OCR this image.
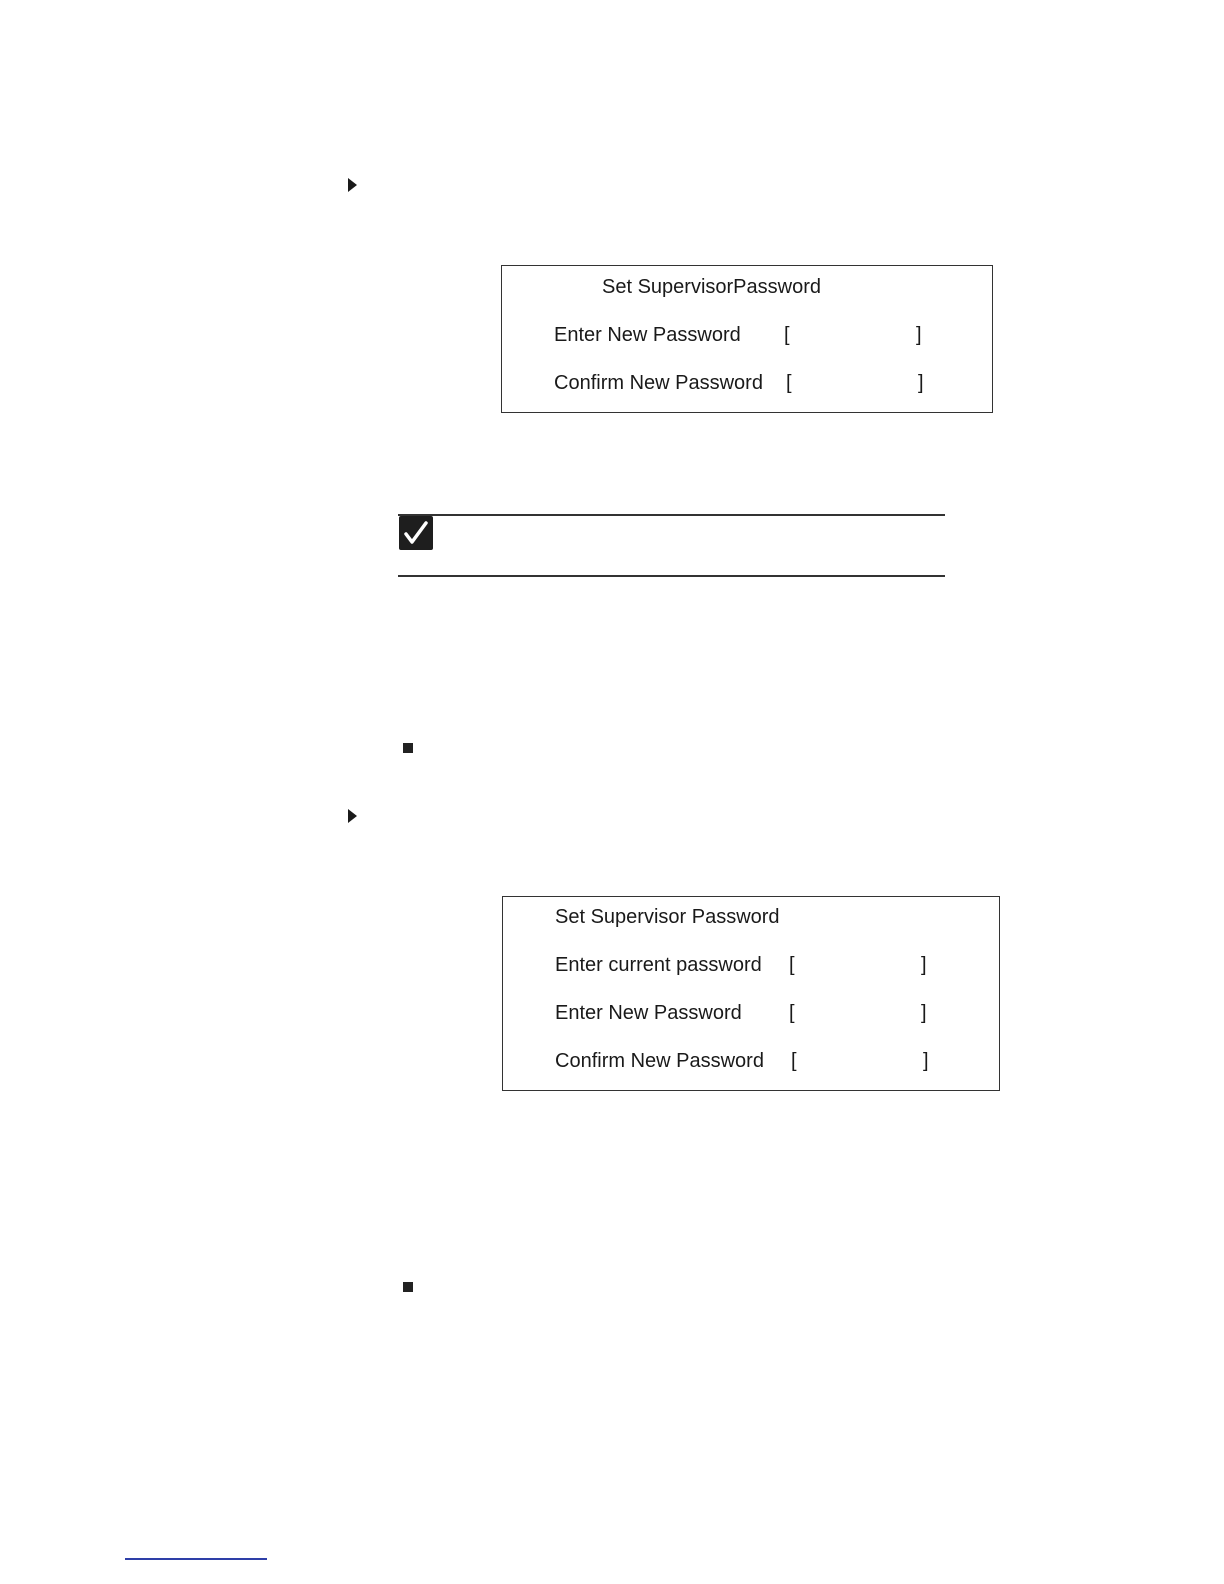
Set SupervisorPassword
Enter New Password [	]
Confirm New Password [	]
Set Supervisor Password
Enter current password [	]
Enter New Password [	]
Confirm New Password [	]
